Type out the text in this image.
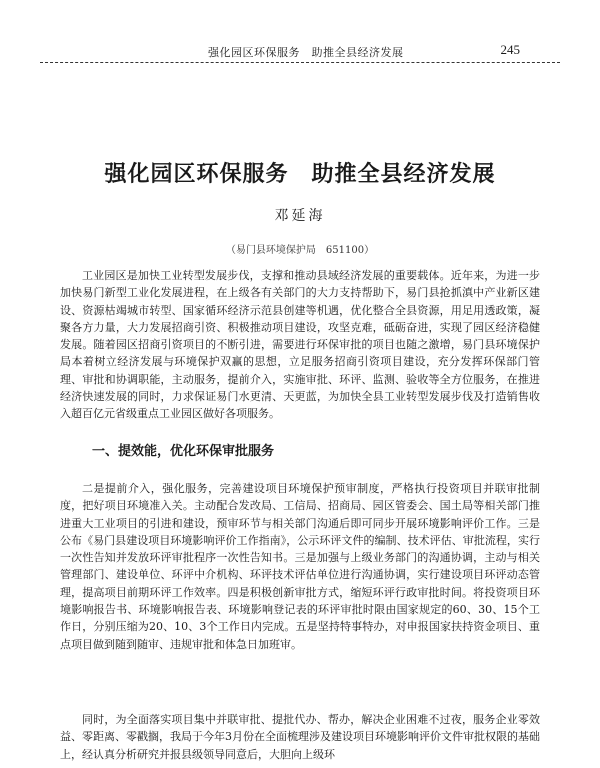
强化园区环保服务　助推全县经济发展	245
强化园区环保服务　助推全县经济发展
邓延海
（易门县环境保护局　651100）

工业园区是加快工业转型发展步伐，支撑和推动县域经济发展的重要载体。近年来，为进一步加快易门新型工业化发展进程，在上级各有关部门的大力支持帮助下，易门县抢抓滇中产业新区建设、资源枯竭城市转型、国家循环经济示范县创建等机遇，优化整合全县资源，用足用透政策，凝聚各方力量，大力发展招商引资、积极推动项目建设，攻坚克难，砥砺奋进，实现了园区经济稳健发展。随着园区招商引资项目的不断引进，需要进行环保审批的项目也随之激增，易门县环境保护局本着树立经济发展与环境保护双赢的思想，立足服务招商引资项目建设，充分发挥环保部门管理、审批和协调职能，主动服务，提前介入，实施审批、环评、监测、验收等全方位服务，在推进经济快速发展的同时，力求保证易门水更清、天更蓝，为加快全县工业转型发展步伐及打造销售收入超百亿元省级重点工业园区做好各项服务。

一、提效能，优化环保审批服务

二是提前介入，强化服务，完善建设项目环境保护预审制度，严格执行投资项目并联审批制度，把好项目环境准入关。主动配合发改局、工信局、招商局、园区管委会、国土局等相关部门推进重大工业项目的引进和建设，预审环节与相关部门沟通后即可同步开展环境影响评价工作。三是公布《易门县建设项目环境影响评价工作指南》，公示环评文件的编制、技术评估、审批流程，实行一次性告知并发放环评审批程序一次性告知书。三是加强与上级业务部门的沟通协调，主动与相关管理部门、建设单位、环评中介机构、环评技术评估单位进行沟通协调，实行建设项目环评动态管理，提高项目前期环评工作效率。四是积极创新审批方式，缩短环评行政审批时间。将投资项目环境影响报告书、环境影响报告表、环境影响登记表的环评审批时限由国家规定的60、30、15个工作日，分别压缩为20、10、3个工作日内完成。五是坚持特事特办，对申报国家扶持资金项目、重点项目做到随到随审、违规审批和体急日加班审。

同时，为全面落实项目集中并联审批、提批代办、帮办，解决企业困难不过夜，服务企业零效益、零距离、零戳搁，我局于今年3月份在全面梳理涉及建设项目环境影响评价文件审批权限的基础上，经认真分析研究并报县级领导同意后，大胆向上级环
